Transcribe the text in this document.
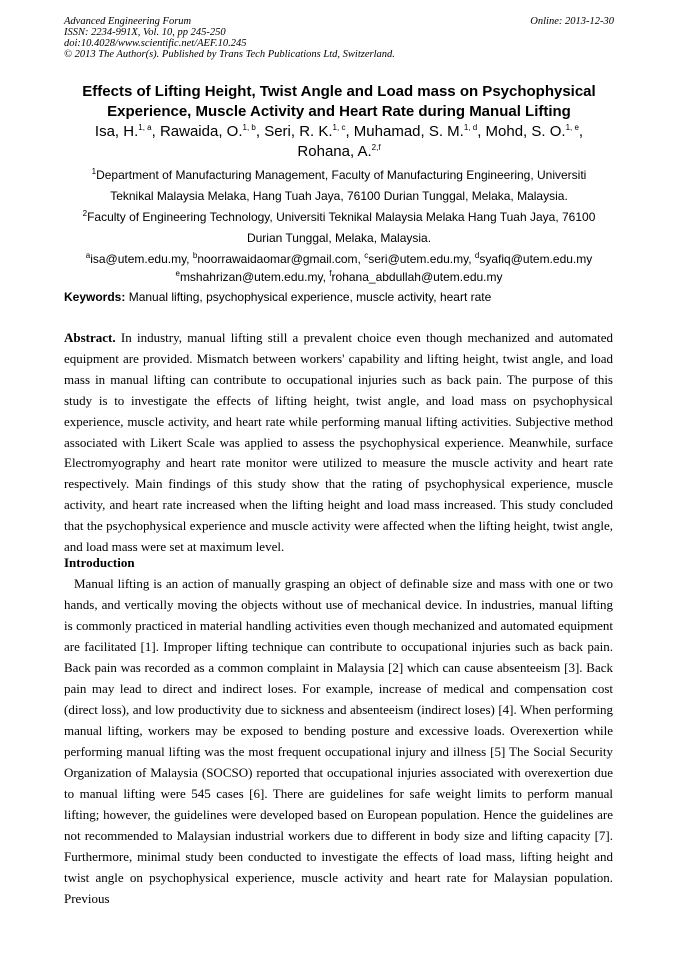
Advanced Engineering Forum
ISSN: 2234-991X, Vol. 10, pp 245-250
doi:10.4028/www.scientific.net/AEF.10.245
© 2013 The Author(s). Published by Trans Tech Publications Ltd, Switzerland.
Online: 2013-12-30
Effects of Lifting Height, Twist Angle and Load mass on Psychophysical
Experience, Muscle Activity and Heart Rate during Manual Lifting
Isa, H.$^{1, a}$, Rawaida, O.$^{1, b}$, Seri, R. K.$^{1, c}$, Muhamad, S. M.$^{1, d}$, Mohd, S. O.$^{1, e}$,
Rohana, A.$^{2,f}$
$^1$Department of Manufacturing Management, Faculty of Manufacturing Engineering, Universiti
Teknikal Malaysia Melaka, Hang Tuah Jaya, 76100 Durian Tunggal, Melaka, Malaysia.
$^2$Faculty of Engineering Technology, Universiti Teknikal Malaysia Melaka Hang Tuah Jaya, 76100
Durian Tunggal, Melaka, Malaysia.
$^a$isa@utem.edu.my, $^b$noorrawaidaomar@gmail.com, $^c$seri@utem.edu.my, $^d$syafiq@utem.edu.my
$^e$mshahrizan@utem.edu.my, $^f$rohana_abdullah@utem.edu.my
Keywords: Manual lifting, psychophysical experience, muscle activity, heart rate
Abstract. In industry, manual lifting still a prevalent choice even though mechanized and automated equipment are provided. Mismatch between workers' capability and lifting height, twist angle, and load mass in manual lifting can contribute to occupational injuries such as back pain. The purpose of this study is to investigate the effects of lifting height, twist angle, and load mass on psychophysical experience, muscle activity, and heart rate while performing manual lifting activities. Subjective method associated with Likert Scale was applied to assess the psychophysical experience. Meanwhile, surface Electromyography and heart rate monitor were utilized to measure the muscle activity and heart rate respectively. Main findings of this study show that the rating of psychophysical experience, muscle activity, and heart rate increased when the lifting height and load mass increased. This study concluded that the psychophysical experience and muscle activity were affected when the lifting height, twist angle, and load mass were set at maximum level.
Introduction
Manual lifting is an action of manually grasping an object of definable size and mass with one or two hands, and vertically moving the objects without use of mechanical device. In industries, manual lifting is commonly practiced in material handling activities even though mechanized and automated equipment are facilitated [1]. Improper lifting technique can contribute to occupational injuries such as back pain. Back pain was recorded as a common complaint in Malaysia [2] which can cause absenteeism [3]. Back pain may lead to direct and indirect loses. For example, increase of medical and compensation cost (direct loss), and low productivity due to sickness and absenteeism (indirect loses) [4]. When performing manual lifting, workers may be exposed to bending posture and excessive loads. Overexertion while performing manual lifting was the most frequent occupational injury and illness [5] The Social Security Organization of Malaysia (SOCSO) reported that occupational injuries associated with overexertion due to manual lifting were 545 cases [6]. There are guidelines for safe weight limits to perform manual lifting; however, the guidelines were developed based on European population. Hence the guidelines are not recommended to Malaysian industrial workers due to different in body size and lifting capacity [7]. Furthermore, minimal study been conducted to investigate the effects of load mass, lifting height and twist angle on psychophysical experience, muscle activity and heart rate for Malaysian population. Previous
